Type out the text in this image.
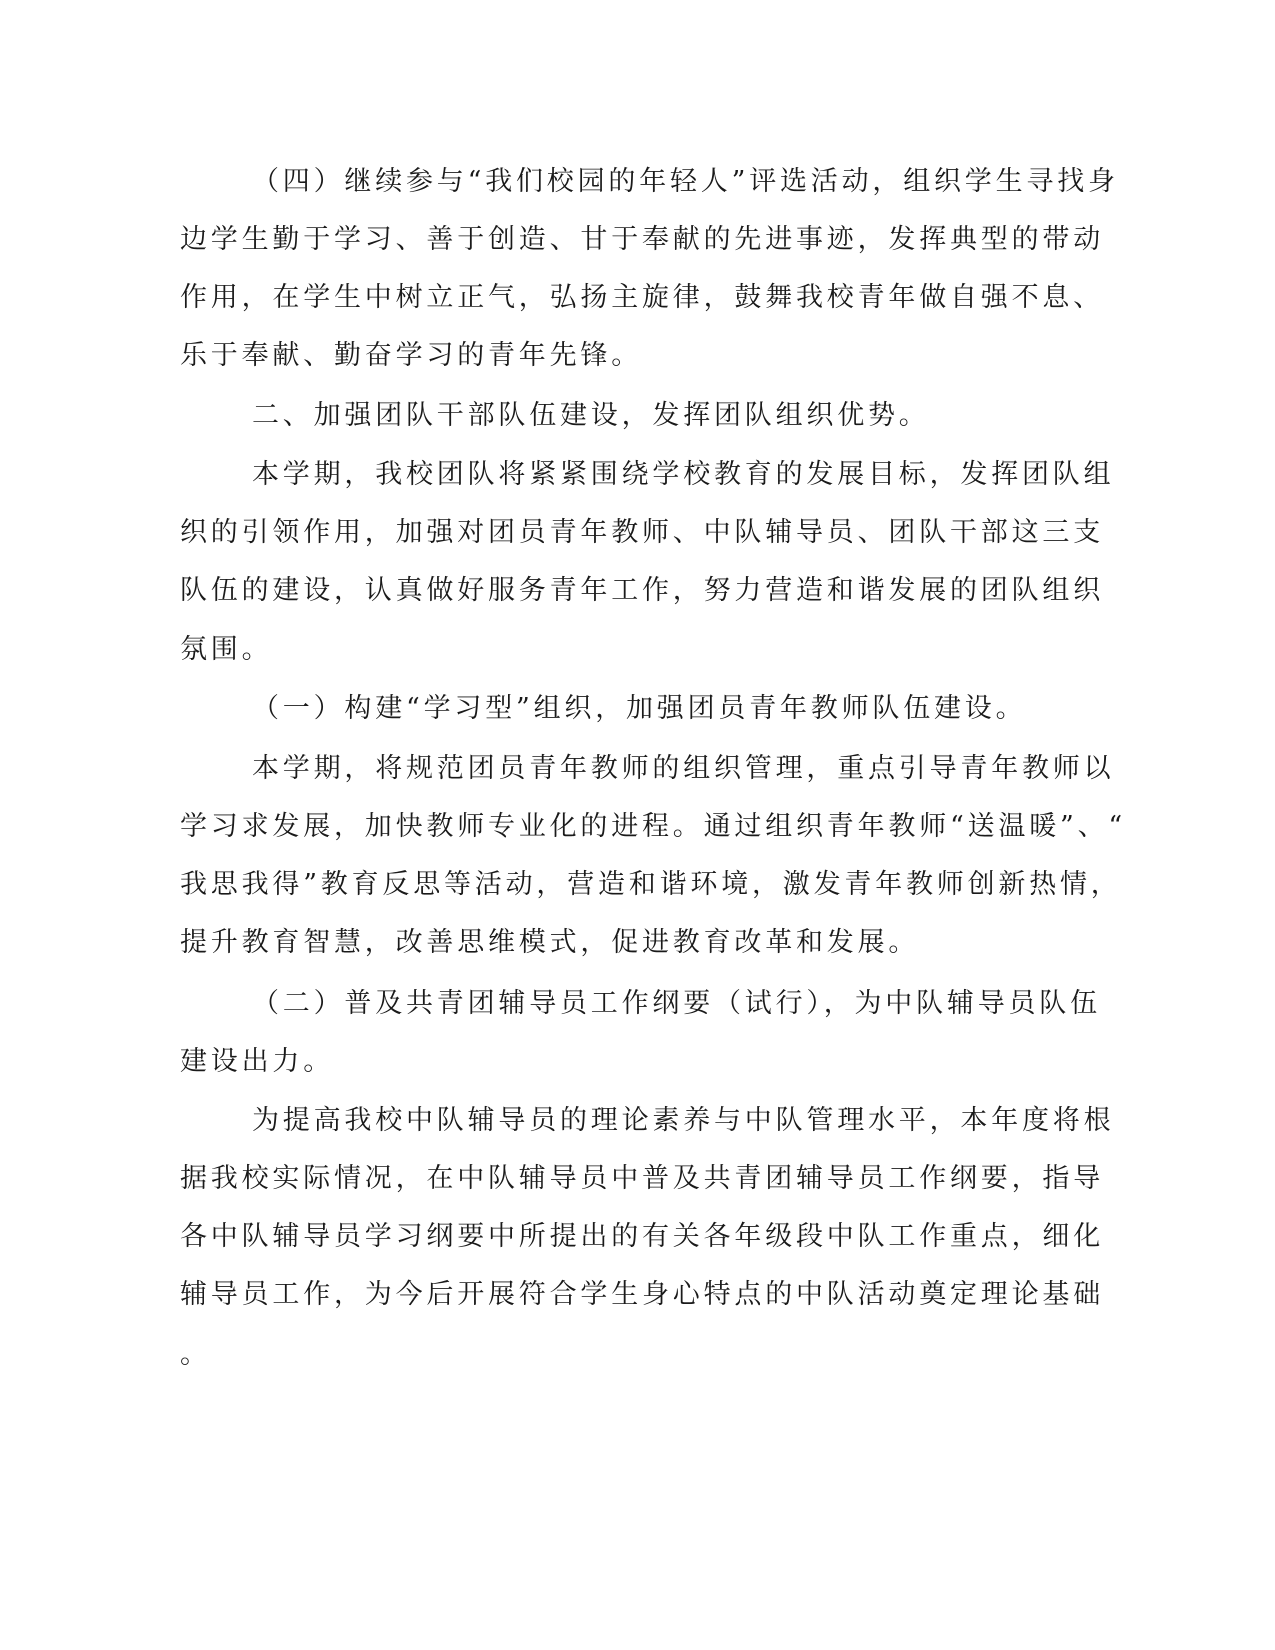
（四）继续参与“我们校园的年轻人”评选活动，组织学生寻找身
边学生勤于学习、善于创造、甘于奉献的先进事迹，发挥典型的带动
作用，在学生中树立正气，弘扬主旋律，鼓舞我校青年做自强不息、
乐于奉献、勤奋学习的青年先锋。
二、加强团队干部队伍建设，发挥团队组织优势。
本学期，我校团队将紧紧围绕学校教育的发展目标，发挥团队组
织的引领作用，加强对团员青年教师、中队辅导员、团队干部这三支
队伍的建设，认真做好服务青年工作，努力营造和谐发展的团队组织
氛围。
（一）构建“学习型”组织，加强团员青年教师队伍建设。
本学期，将规范团员青年教师的组织管理，重点引导青年教师以
学习求发展，加快教师专业化的进程。通过组织青年教师“送温暖”、“
我思我得”教育反思等活动，营造和谐环境，激发青年教师创新热情，
提升教育智慧，改善思维模式，促进教育改革和发展。
（二）普及共青团辅导员工作纲要（试行），为中队辅导员队伍
建设出力。
为提高我校中队辅导员的理论素养与中队管理水平，本年度将根
据我校实际情况，在中队辅导员中普及共青团辅导员工作纲要，指导
各中队辅导员学习纲要中所提出的有关各年级段中队工作重点，细化
辅导员工作，为今后开展符合学生身心特点的中队活动奠定理论基础
。
